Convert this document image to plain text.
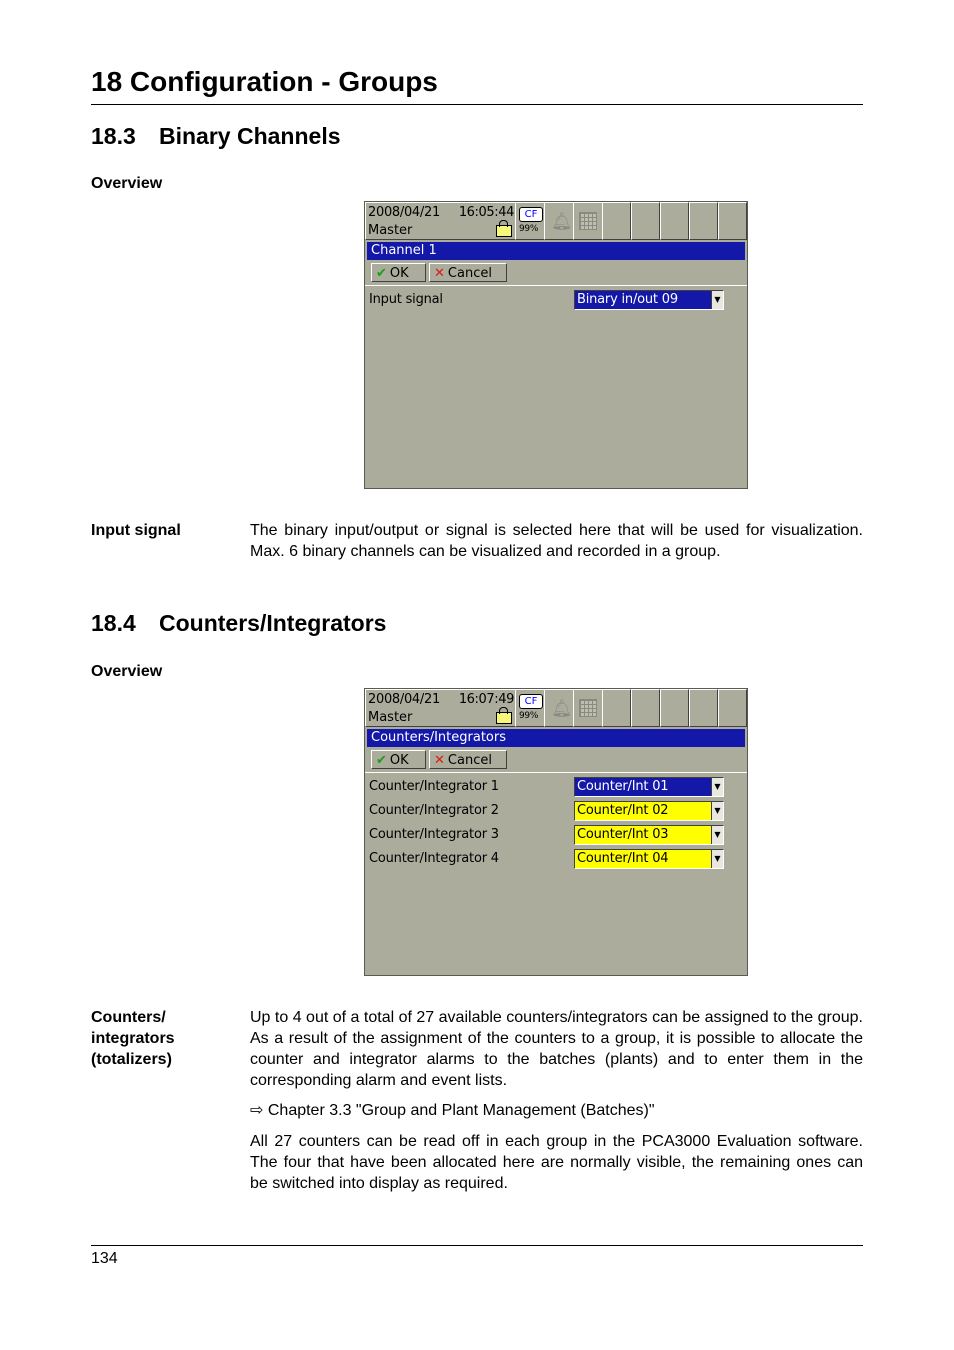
18 Configuration - Groups
18.3 Binary Channels
Overview
2008/04/21 16:05:44
Master
CF
99% 🔔︎
Channel 1
✔ OK	✕ Cancel
Input signal	Binary in/out 09	▼
Input signal	The binary input/output or signal is selected here that will be used for visualization. Max. 6 binary channels can be visualized and recorded in a group.
18.4 Counters/Integrators
Overview
2008/04/21 16:07:49
Master
CF
99% 🔔︎
Counters/Integrators
✔ OK	✕ Cancel
Counter/Integrator 1	Counter/Int 01	▼
Counter/Integrator 2	Counter/Int 02	▼
Counter/Integrator 3	Counter/Int 03	▼
Counter/Integrator 4	Counter/Int 04	▼
Counters/
integrators
(totalizers)
Up to 4 out of a total of 27 available counters/integrators can be assigned to the group. As a result of the assignment of the counters to a group, it is possible to allocate the counter and integrator alarms to the batches (plants) and to enter them in the corresponding alarm and event lists.
⇨ Chapter 3.3 "Group and Plant Management (Batches)"
All 27 counters can be read off in each group in the PCA3000 Evaluation software. The four that have been allocated here are normally visible, the remaining ones can be switched into display as required.
134
